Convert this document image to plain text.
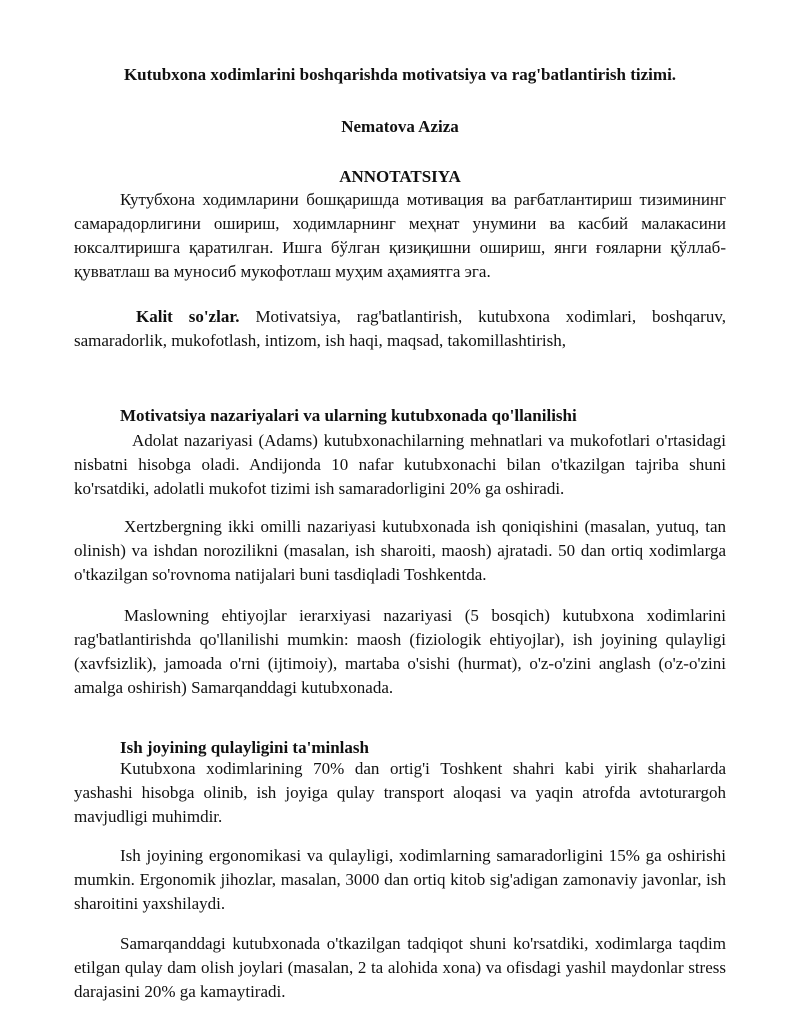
Kutubxona xodimlarini boshqarishda motivatsiya va rag'batlantirish tizimi.

Nematova Aziza

ANNOTATSIYA

Кутубхона ходимларини бошқаришда мотивация ва рағбатлантириш тизимининг самарадорлигини ошириш, ходимларнинг меҳнат унумини ва касбий малакасини юксалтиришга қаратилган. Ишга бўлган қизиқишни ошириш, янги ғояларни қўллаб-қувватлаш ва муносиб мукофотлаш муҳим аҳамиятга эга.

Kalit so'zlar. Motivatsiya, rag'batlantirish, kutubxona xodimlari, boshqaruv, samaradorlik, mukofotlash, intizom, ish haqi, maqsad, takomillashtirish,

Motivatsiya nazariyalari va ularning kutubxonada qo'llanilishi

Adolat nazariyasi (Adams) kutubxonachilarning mehnatlari va mukofotlari o'rtasidagi nisbatni hisobga oladi. Andijonda 10 nafar kutubxonachi bilan o'tkazilgan tajriba shuni ko'rsatdiki, adolatli mukofot tizimi ish samaradorligini 20% ga oshiradi.

Xertzbergning ikki omilli nazariyasi kutubxonada ish qoniqishini (masalan, yutuq, tan olinish) va ishdan norozilikni (masalan, ish sharoiti, maosh) ajratadi. 50 dan ortiq xodimlarga o'tkazilgan so'rovnoma natijalari buni tasdiqladi Toshkentda.

Maslowning ehtiyojlar ierarxiyasi nazariyasi (5 bosqich) kutubxona xodimlarini rag'batlantirishda qo'llanilishi mumkin: maosh (fiziologik ehtiyojlar), ish joyining qulayligi (xavfsizlik), jamoada o'rni (ijtimoiy), martaba o'sishi (hurmat), o'z-o'zini anglash (o'z-o'zini amalga oshirish) Samarqanddagi kutubxonada.

Ish joyining qulayligini ta'minlash

Kutubxona xodimlarining 70% dan ortig'i Toshkent shahri kabi yirik shaharlarda yashashi hisobga olinib, ish joyiga qulay transport aloqasi va yaqin atrofda avtoturargoh mavjudligi muhimdir.

Ish joyining ergonomikasi va qulayligi, xodimlarning samaradorligini 15% ga oshirishi mumkin. Ergonomik jihozlar, masalan, 3000 dan ortiq kitob sig'adigan zamonaviy javonlar, ish sharoitini yaxshilaydi.

Samarqanddagi kutubxonada o'tkazilgan tadqiqot shuni ko'rsatdiki, xodimlarga taqdim etilgan qulay dam olish joylari (masalan, 2 ta alohida xona) va ofisdagi yashil maydonlar stress darajasini 20% ga kamaytiradi.
